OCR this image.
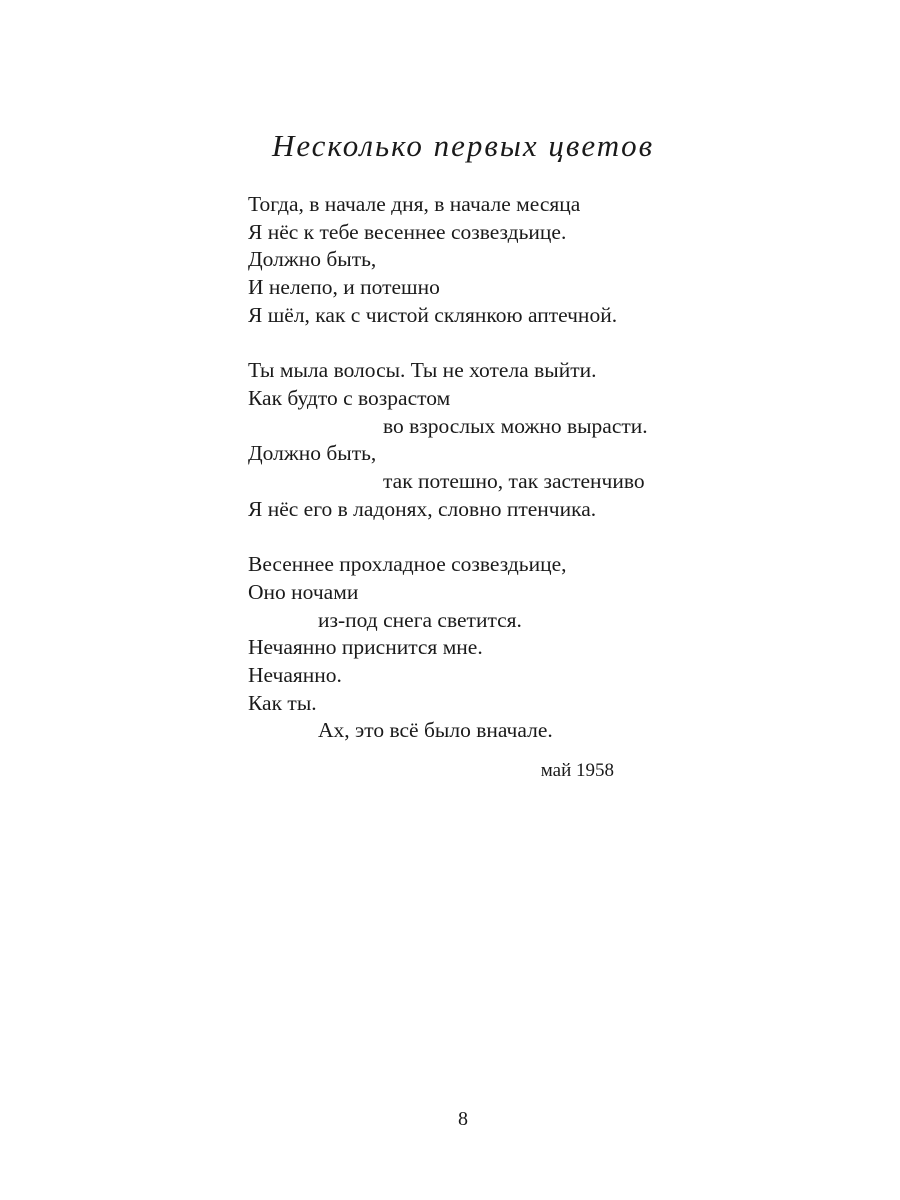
Несколько первых цветов
Тогда, в начале дня, в начале месяца
Я нёс к тебе весеннее созвездьице.
Должно быть,
И нелепо, и потешно
Я шёл, как с чистой склянкою аптечной.
Ты мыла волосы. Ты не хотела выйти.
Как будто с возрастом
во взрослых можно вырасти.
Должно быть,
так потешно, так застенчиво
Я нёс его в ладонях, словно птенчика.
Весеннее прохладное созвездьице,
Оно ночами
из-под снега светится.
Нечаянно приснится мне.
Нечаянно.
Как ты.
Ах, это всё было вначале.
май 1958
8
